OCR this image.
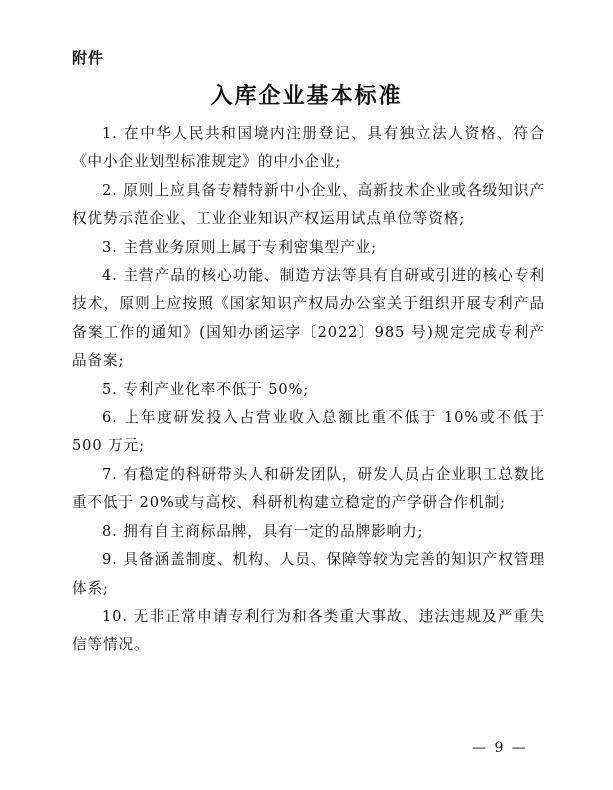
附件
入库企业基本标准

1. 在中华人民共和国境内注册登记、具有独立法人资格、符合《中小企业划型标准规定》的中小企业;

2. 原则上应具备专精特新中小企业、高新技术企业或各级知识产权优势示范企业、工业企业知识产权运用试点单位等资格;

3. 主营业务原则上属于专利密集型产业;

4. 主营产品的核心功能、制造方法等具有自研或引进的核心专利技术，原则上应按照《国家知识产权局办公室关于组织开展专利产品备案工作的通知》(国知办函运字〔2022〕985 号)规定完成专利产品备案;

5. 专利产业化率不低于 50%;

6. 上年度研发投入占营业收入总额比重不低于 10%或不低于 500 万元;

7. 有稳定的科研带头人和研发团队，研发人员占企业职工总数比重不低于 20%或与高校、科研机构建立稳定的产学研合作机制;

8. 拥有自主商标品牌，具有一定的品牌影响力;

9. 具备涵盖制度、机构、人员、保障等较为完善的知识产权管理体系;

10. 无非正常申请专利行为和各类重大事故、违法违规及严重失信等情况。

— 9 —
